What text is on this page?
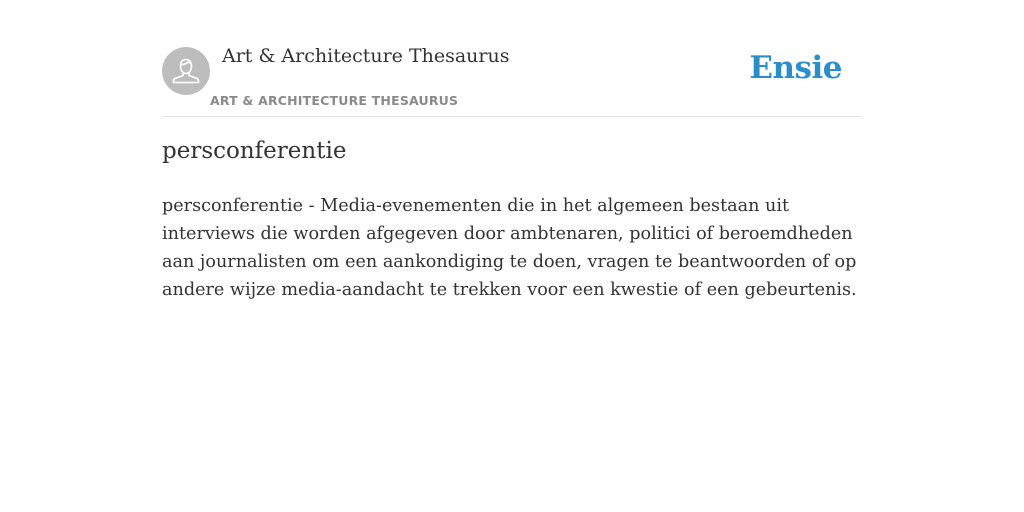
Art & Architecture Thesaurus
ART & ARCHITECTURE THESAURUS
Ensie
persconferentie

persconferentie - Media-evenementen die in het algemeen bestaan uit interviews die worden afgegeven door ambtenaren, politici of beroemdheden aan journalisten om een aankondiging te doen, vragen te beantwoorden of op andere wijze media-aandacht te trekken voor een kwestie of een gebeurtenis.
